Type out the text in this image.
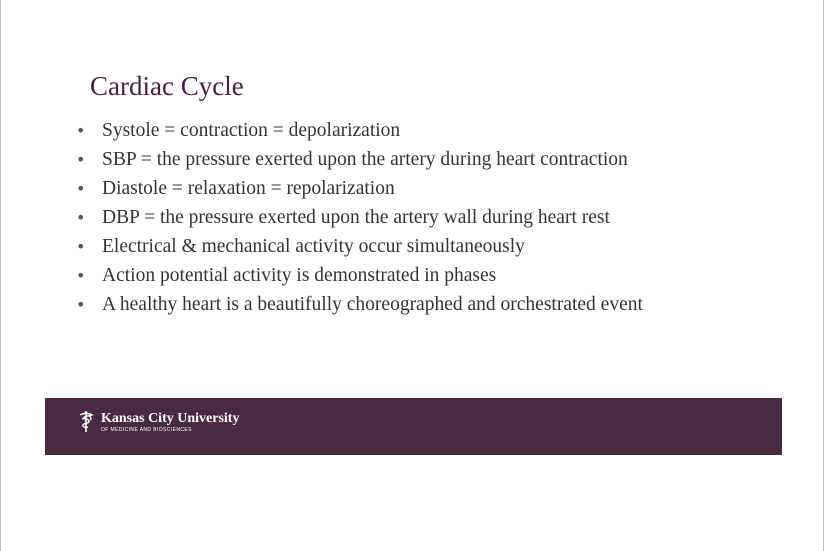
Cardiac Cycle
• Systole = contraction = depolarization
• SBP = the pressure exerted upon the artery during heart contraction
• Diastole = relaxation = repolarization
• DBP = the pressure exerted upon the artery wall during heart rest
• Electrical & mechanical activity occur simultaneously
• Action potential activity is demonstrated in phases
• A healthy heart is a beautifully choreographed and orchestrated event
Kansas City University
OF MEDICINE AND BIOSCIENCES
